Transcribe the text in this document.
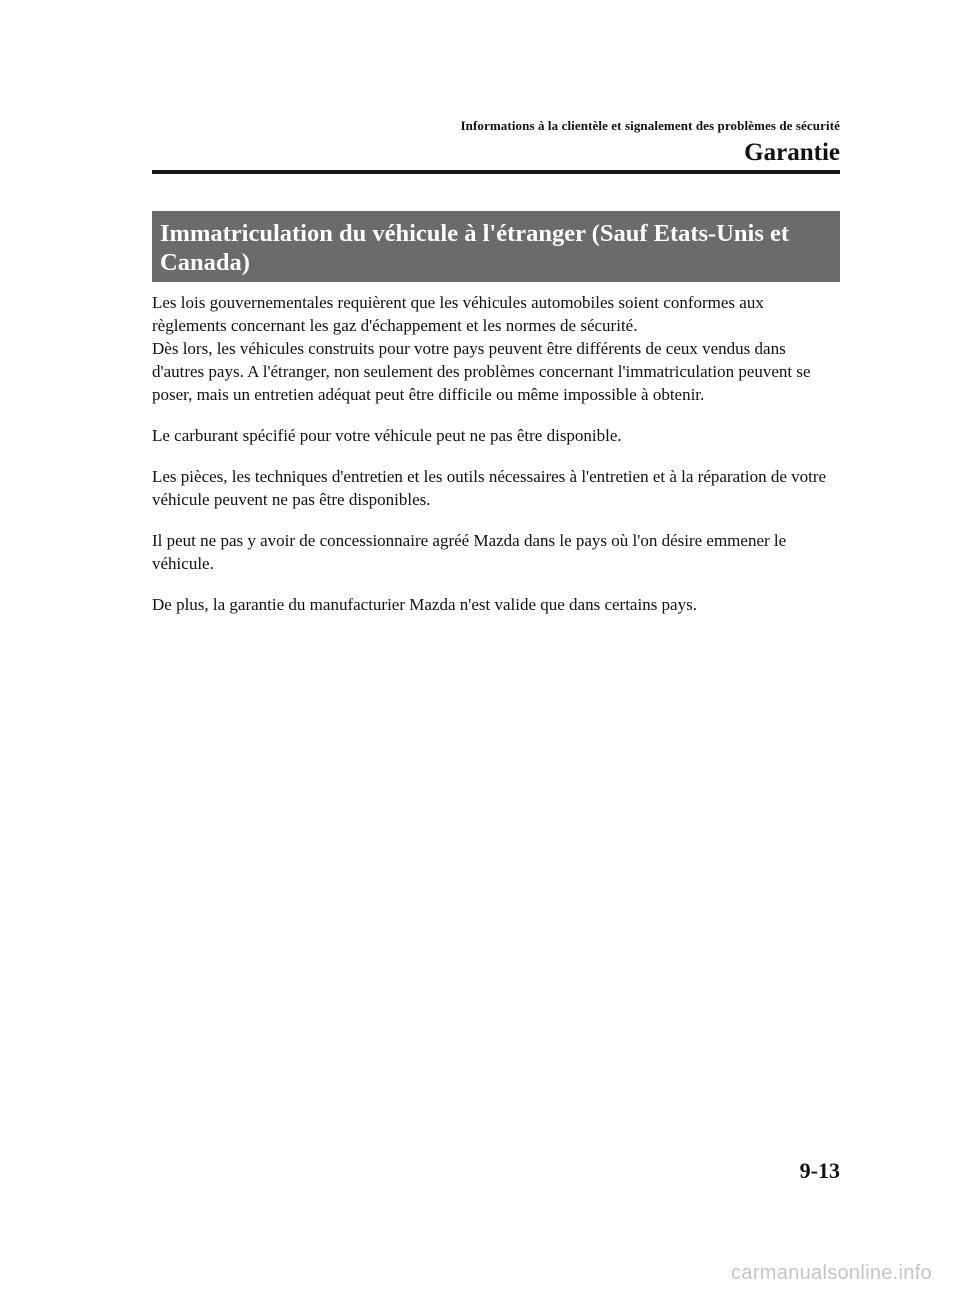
Informations à la clientèle et signalement des problèmes de sécurité
Garantie
Immatriculation du véhicule à l'étranger (Sauf Etats-Unis et Canada)

Les lois gouvernementales requièrent que les véhicules automobiles soient conformes aux règlements concernant les gaz d'échappement et les normes de sécurité.

Dès lors, les véhicules construits pour votre pays peuvent être différents de ceux vendus dans d'autres pays. A l'étranger, non seulement des problèmes concernant l'immatriculation peuvent se poser, mais un entretien adéquat peut être difficile ou même impossible à obtenir.

Le carburant spécifié pour votre véhicule peut ne pas être disponible.

Les pièces, les techniques d'entretien et les outils nécessaires à l'entretien et à la réparation de votre véhicule peuvent ne pas être disponibles.

Il peut ne pas y avoir de concessionnaire agréé Mazda dans le pays où l'on désire emmener le véhicule.

De plus, la garantie du manufacturier Mazda n'est valide que dans certains pays.

9-13
carmanualsonline.info
